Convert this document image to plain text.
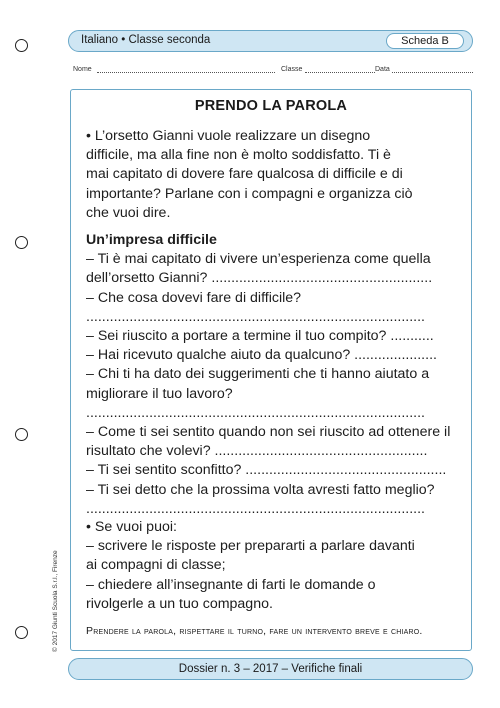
Italiano • Classe seconda	Scheda B
Nome	Classe	Data
PRENDO LA PAROLA
• L’orsetto Gianni vuole realizzare un disegno
difficile, ma alla fine non è molto soddisfatto. Ti è
mai capitato di dovere fare qualcosa di difficile e di
importante? Parlane con i compagni e organizza ciò
che vuoi dire.
Un’impresa difficile
– Ti è mai capitato di vivere un’esperienza come quella
dell’orsetto Gianni? ........................................................
– Che cosa dovevi fare di difficile?
......................................................................................
– Sei riuscito a portare a termine il tuo compito? ...........
– Hai ricevuto qualche aiuto da qualcuno? .....................
– Chi ti ha dato dei suggerimenti che ti hanno aiutato a
migliorare il tuo lavoro?
......................................................................................
– Come ti sei sentito quando non sei riuscito ad ottenere il
risultato che volevi? ......................................................
– Ti sei sentito sconfitto? ...................................................
– Ti sei detto che la prossima volta avresti fatto meglio?
......................................................................................
• Se vuoi puoi:
– scrivere le risposte per prepararti a parlare davanti
ai compagni di classe;
– chiedere all’insegnante di farti le domande o
rivolgerle a un tuo compagno.
Prendere la parola, rispettare il turno, fare un intervento breve e chiaro.
© 2017 Giunti Scuola S.r.l., Firenze
Dossier n. 3 – 2017 – Verifiche finali
